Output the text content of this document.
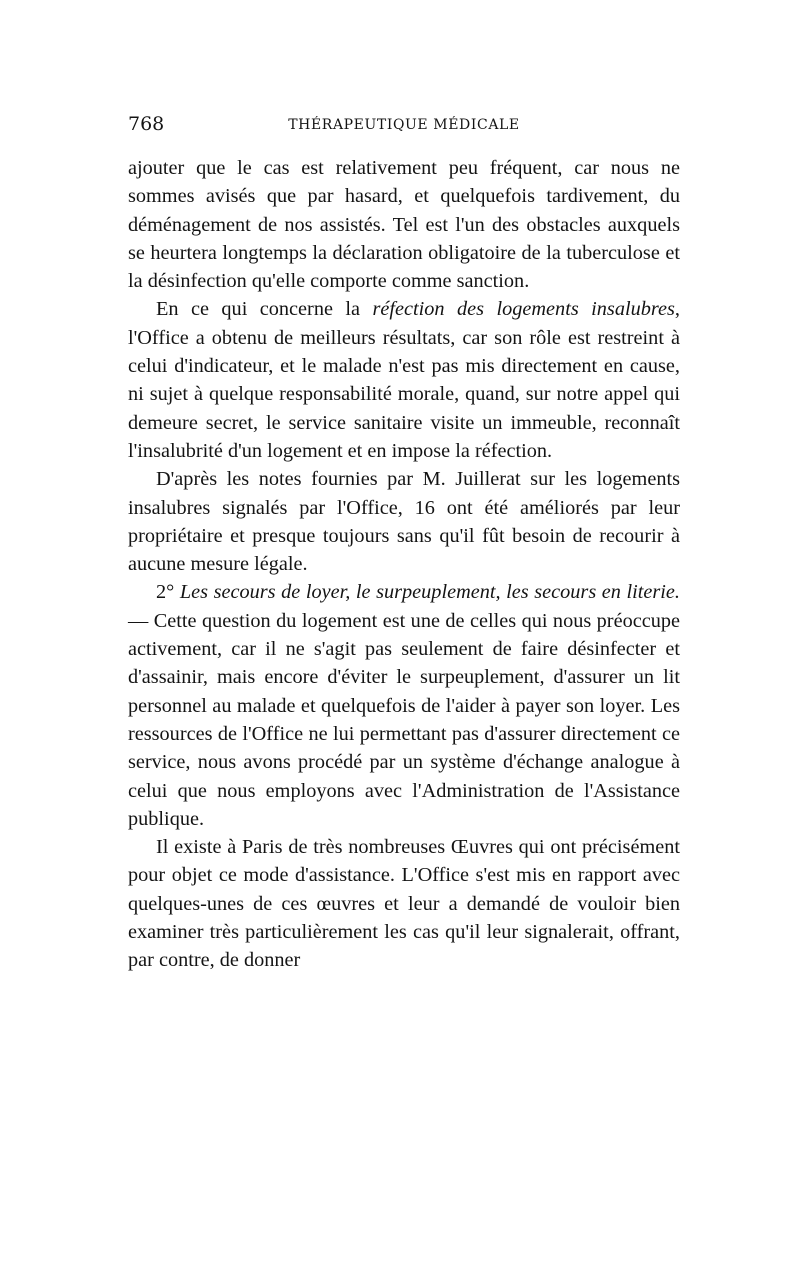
768	THÉRAPEUTIQUE MÉDICALE

ajouter que le cas est relativement peu fréquent, car nous ne sommes avisés que par hasard, et quelquefois tardivement, du déménagement de nos assistés. Tel est l'un des obstacles auxquels se heurtera longtemps la déclaration obligatoire de la tuberculose et la désinfection qu'elle comporte comme sanction.

En ce qui concerne la réfection des logements insalubres, l'Office a obtenu de meilleurs résultats, car son rôle est restreint à celui d'indicateur, et le malade n'est pas mis directement en cause, ni sujet à quelque responsabilité morale, quand, sur notre appel qui demeure secret, le service sanitaire visite un immeuble, reconnaît l'insalubrité d'un logement et en impose la réfection.

D'après les notes fournies par M. Juillerat sur les logements insalubres signalés par l'Office, 16 ont été améliorés par leur propriétaire et presque toujours sans qu'il fût besoin de recourir à aucune mesure légale.

2° Les secours de loyer, le surpeuplement, les secours en literie. — Cette question du logement est une de celles qui nous préoccupe activement, car il ne s'agit pas seulement de faire désinfecter et d'assainir, mais encore d'éviter le surpeuplement, d'assurer un lit personnel au malade et quelquefois de l'aider à payer son loyer. Les ressources de l'Office ne lui permettant pas d'assurer directement ce service, nous avons procédé par un système d'échange analogue à celui que nous employons avec l'Administration de l'Assistance publique.

Il existe à Paris de très nombreuses Œuvres qui ont précisément pour objet ce mode d'assistance. L'Office s'est mis en rapport avec quelques-unes de ces œuvres et leur a demandé de vouloir bien examiner très particulièrement les cas qu'il leur signalerait, offrant, par contre, de donner
